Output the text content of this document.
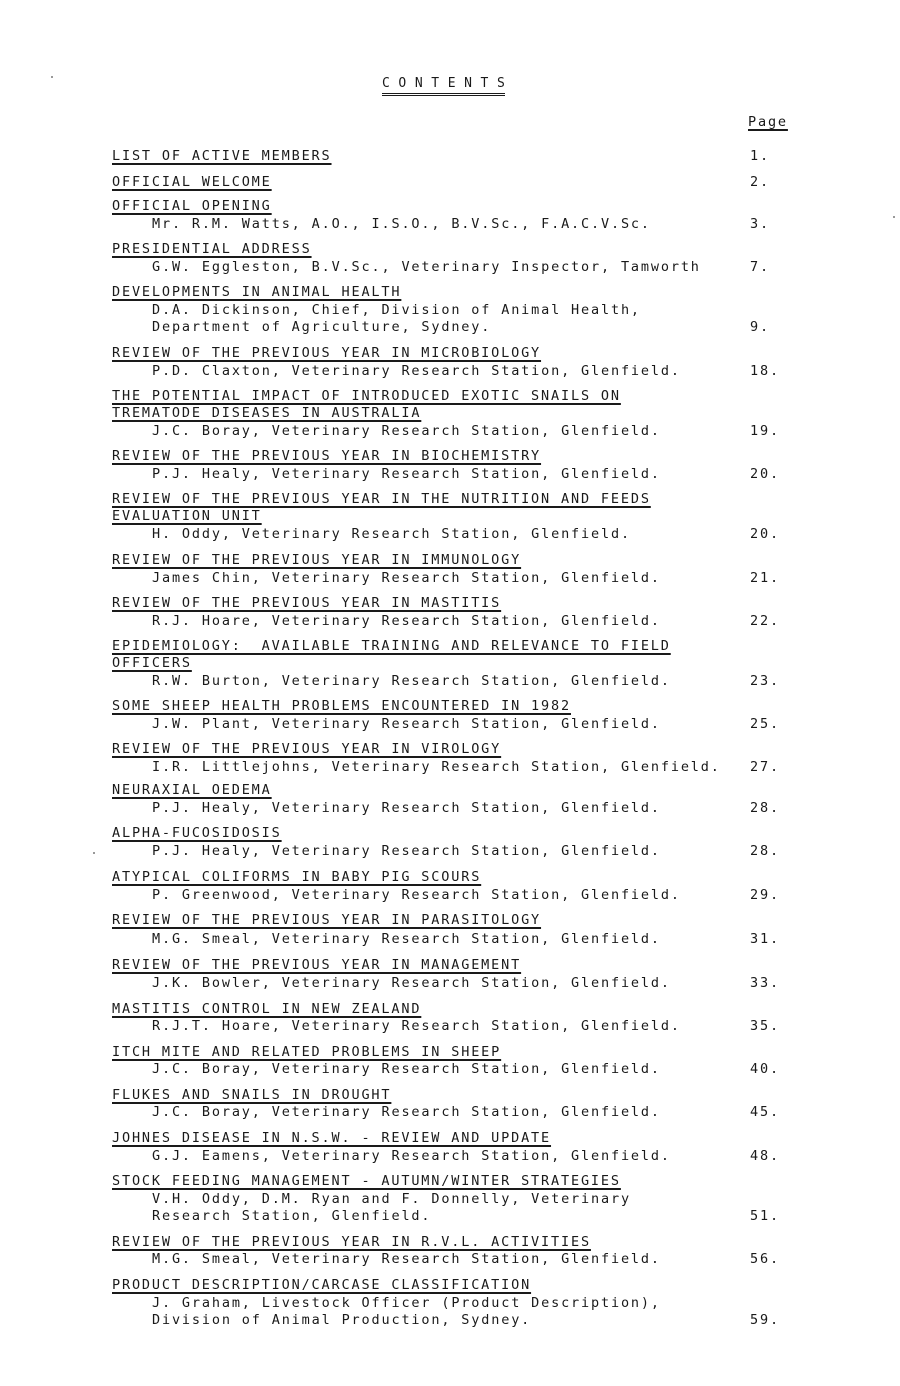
CONTENTS
Page
LIST OF ACTIVE MEMBERS	1.
OFFICIAL WELCOME	2.
OFFICIAL OPENING
Mr. R.M. Watts, A.O., I.S.O., B.V.Sc., F.A.C.V.Sc.	3.
PRESIDENTIAL ADDRESS
G.W. Eggleston, B.V.Sc., Veterinary Inspector, Tamworth	7.
DEVELOPMENTS IN ANIMAL HEALTH
D.A. Dickinson, Chief, Division of Animal Health,
Department of Agriculture, Sydney.	9.
REVIEW OF THE PREVIOUS YEAR IN MICROBIOLOGY
P.D. Claxton, Veterinary Research Station, Glenfield.	18.
THE POTENTIAL IMPACT OF INTRODUCED EXOTIC SNAILS ON
TREMATODE DISEASES IN AUSTRALIA
J.C. Boray, Veterinary Research Station, Glenfield.	19.
REVIEW OF THE PREVIOUS YEAR IN BIOCHEMISTRY
P.J. Healy, Veterinary Research Station, Glenfield.	20.
REVIEW OF THE PREVIOUS YEAR IN THE NUTRITION AND FEEDS
EVALUATION UNIT
H. Oddy, Veterinary Research Station, Glenfield.	20.
REVIEW OF THE PREVIOUS YEAR IN IMMUNOLOGY
James Chin, Veterinary Research Station, Glenfield.	21.
REVIEW OF THE PREVIOUS YEAR IN MASTITIS
R.J. Hoare, Veterinary Research Station, Glenfield.	22.
EPIDEMIOLOGY:  AVAILABLE TRAINING AND RELEVANCE TO FIELD
OFFICERS
R.W. Burton, Veterinary Research Station, Glenfield.	23.
SOME SHEEP HEALTH PROBLEMS ENCOUNTERED IN 1982
J.W. Plant, Veterinary Research Station, Glenfield.	25.
REVIEW OF THE PREVIOUS YEAR IN VIROLOGY
I.R. Littlejohns, Veterinary Research Station, Glenfield. 27.
NEURAXIAL OEDEMA
P.J. Healy, Veterinary Research Station, Glenfield.	28.
ALPHA-FUCOSIDOSIS
P.J. Healy, Veterinary Research Station, Glenfield.	28.
ATYPICAL COLIFORMS IN BABY PIG SCOURS
P. Greenwood, Veterinary Research Station, Glenfield.	29.
REVIEW OF THE PREVIOUS YEAR IN PARASITOLOGY
M.G. Smeal, Veterinary Research Station, Glenfield.	31.
REVIEW OF THE PREVIOUS YEAR IN MANAGEMENT
J.K. Bowler, Veterinary Research Station, Glenfield.	33.
MASTITIS CONTROL IN NEW ZEALAND
R.J.T. Hoare, Veterinary Research Station, Glenfield.	35.
ITCH MITE AND RELATED PROBLEMS IN SHEEP
J.C. Boray, Veterinary Research Station, Glenfield.	40.
FLUKES AND SNAILS IN DROUGHT
J.C. Boray, Veterinary Research Station, Glenfield.	45.
JOHNES DISEASE IN N.S.W. - REVIEW AND UPDATE
G.J. Eamens, Veterinary Research Station, Glenfield.	48.
STOCK FEEDING MANAGEMENT - AUTUMN/WINTER STRATEGIES
V.H. Oddy, D.M. Ryan and F. Donnelly, Veterinary
Research Station, Glenfield.	51.
REVIEW OF THE PREVIOUS YEAR IN R.V.L. ACTIVITIES
M.G. Smeal, Veterinary Research Station, Glenfield.	56.
PRODUCT DESCRIPTION/CARCASE CLASSIFICATION
J. Graham, Livestock Officer (Product Description),
Division of Animal Production, Sydney.	59.
